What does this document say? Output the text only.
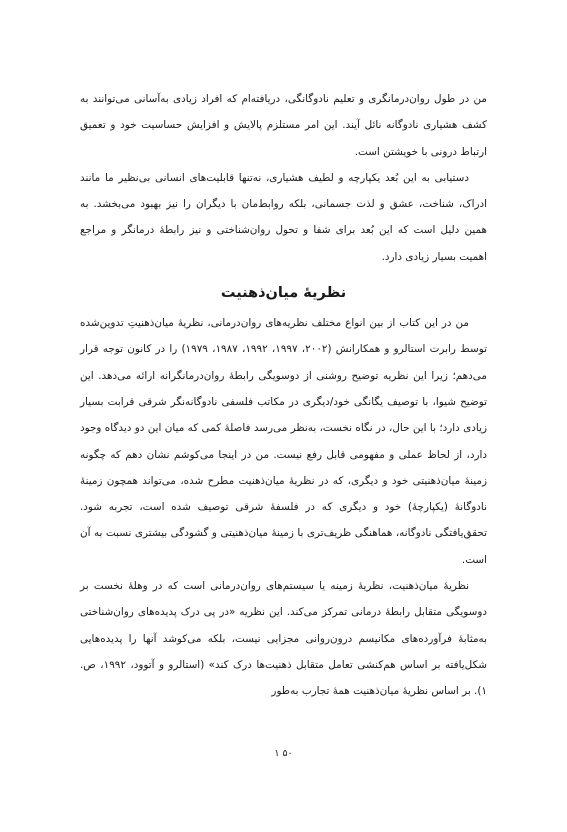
من در طول روان‌درمانگری و تعلیم نادوگانگی، دریافته‌ام که افراد زیادی به‌آسانی می‌توانند به کشف هشیاری نادوگانه نائل آیند. این امر مستلزم پالایش و افزایش حساسیت خود و تعمیق ارتباط درونی با خویشتن است.

دستیابی به این بُعد یکپارچه و لطیف هشیاری، نه‌تنها قابلیت‌های انسانی بی‌نظیر ما مانند ادراک، شناخت، عشق و لذت جسمانی، بلکه روابط‌مان با دیگران را نیز بهبود می‌بخشد. به همین دلیل است که این بُعد برای شفا و تحول روان‌شناختی و نیز رابطهٔ درمانگر و مراجع اهمیت بسیار زیادی دارد.

نظریهٔ میان‌ذهنیت

من در این کتاب از بین انواع مختلف نظریه‌های روان‌درمانی، نظریهٔ میان‌ذهنیتِ تدوین‌شده توسط رابرت استالرو و همکارانش (۲۰۰۲، ۱۹۹۷، ۱۹۹۲، ۱۹۸۷، ۱۹۷۹) را در کانون توجه قرار می‌دهم؛ زیرا این نظریه توضیح روشنی از دوسویگی رابطهٔ روان‌درمانگرانه ارائه می‌دهد. این توضیح شیوا، با توصیف یگانگی خود/دیگری در مکاتب فلسفی نادوگانه‌نگر شرقی قرابت بسیار زیادی دارد؛ با این حال، در نگاه نخست، به‌نظر می‌رسد فاصلهٔ کمی که میان این دو دیدگاه وجود دارد، از لحاظ عملی و مفهومی قابل رفع نیست. من در اینجا می‌کوشم نشان دهم که چگونه زمینهٔ میان‌ذهنیتی خود و دیگری، که در نظریهٔ میان‌ذهنیت مطرح شده، می‌تواند همچون زمینهٔ نادوگانهٔ (یکپارچهٔ) خود و دیگری که در فلسفهٔ شرقی توصیف شده است، تجربه شود. تحقق‌یافتگی نادوگانه، هماهنگی ظریف‌تری با زمینهٔ میان‌ذهنیتی و گشودگی بیشتری نسبت به آن است.

نظریهٔ میان‌ذهنیت، نظریهٔ زمینه یا سیستم‌های روان‌درمانی است که در وهلهٔ نخست بر دوسویگی متقابل رابطهٔ درمانی تمرکز می‌کند. این نظریه «در پی درک پدیده‌های روان‌شناختی به‌مثابهٔ فرآورده‌های مکانیسم درون‌روانی مجزایی نیست، بلکه می‌کوشد آنها را پدیده‌هایی شکل‌یافته بر اساس هم‌کنشی تعامل متقابل ذهنیت‌ها درک کند» (استالرو و آتوود، ۱۹۹۲، ص. ۱). بر اساس نظریهٔ میان‌ذهنیت همهٔ تجارب به‌طور

۵۰ ۱
